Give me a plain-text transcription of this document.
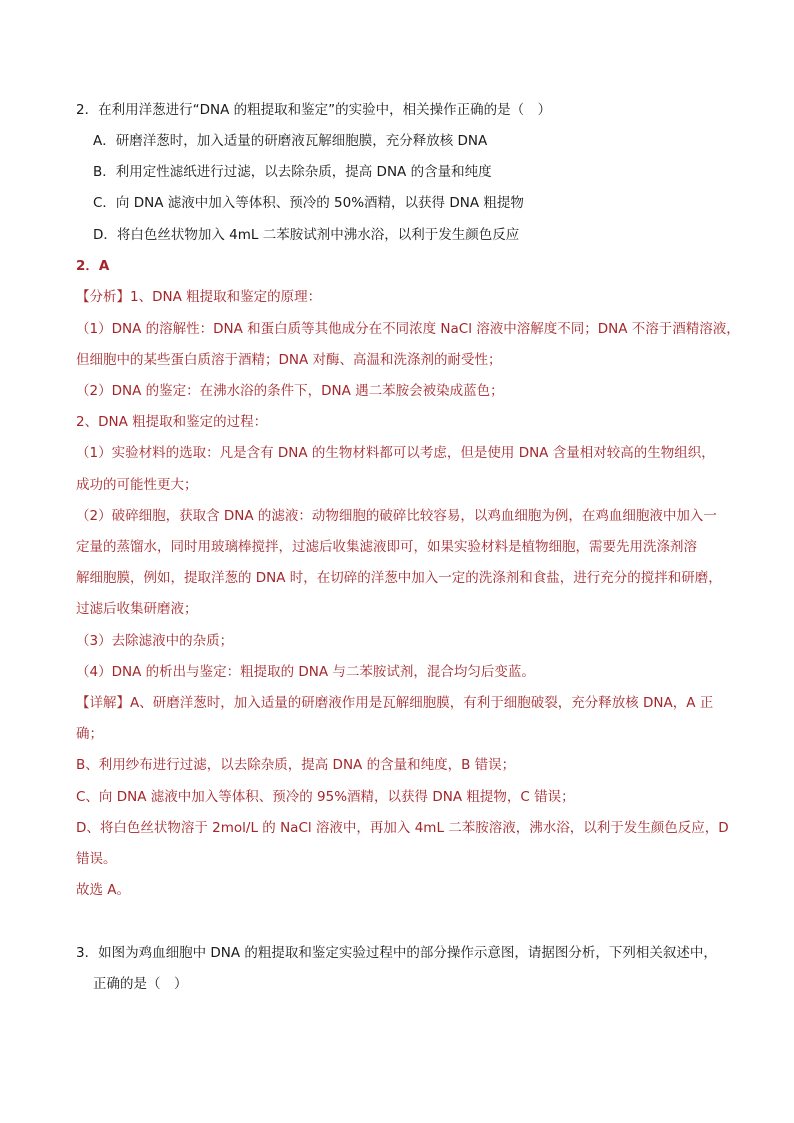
2．在利用洋葱进行“DNA 的粗提取和鉴定”的实验中，相关操作正确的是（　）
A．研磨洋葱时，加入适量的研磨液瓦解细胞膜，充分释放核 DNA
B．利用定性滤纸进行过滤，以去除杂质，提高 DNA 的含量和纯度
C．向 DNA 滤液中加入等体积、预冷的 50%酒精，以获得 DNA 粗提物
D．将白色丝状物加入 4mL 二苯胺试剂中沸水浴，以利于发生颜色反应
2．A
【分析】1、DNA 粗提取和鉴定的原理：
（1）DNA 的溶解性：DNA 和蛋白质等其他成分在不同浓度 NaCl 溶液中溶解度不同；DNA 不溶于酒精溶液，
但细胞中的某些蛋白质溶于酒精；DNA 对酶、高温和洗涤剂的耐受性；
（2）DNA 的鉴定：在沸水浴的条件下，DNA 遇二苯胺会被染成蓝色；
2、DNA 粗提取和鉴定的过程：
（1）实验材料的选取：凡是含有 DNA 的生物材料都可以考虑，但是使用 DNA 含量相对较高的生物组织，
成功的可能性更大；
（2）破碎细胞，获取含 DNA 的滤液：动物细胞的破碎比较容易，以鸡血细胞为例，在鸡血细胞液中加入一
定量的蒸馏水，同时用玻璃棒搅拌，过滤后收集滤液即可，如果实验材料是植物细胞，需要先用洗涤剂溶
解细胞膜，例如，提取洋葱的 DNA 时，在切碎的洋葱中加入一定的洗涤剂和食盐，进行充分的搅拌和研磨，
过滤后收集研磨液；
（3）去除滤液中的杂质；
（4）DNA 的析出与鉴定：粗提取的 DNA 与二苯胺试剂，混合均匀后变蓝。
【详解】A、研磨洋葱时，加入适量的研磨液作用是瓦解细胞膜，有利于细胞破裂，充分释放核 DNA，A 正
确；
B、利用纱布进行过滤，以去除杂质，提高 DNA 的含量和纯度，B 错误；
C、向 DNA 滤液中加入等体积、预冷的 95%酒精，以获得 DNA 粗提物，C 错误；
D、将白色丝状物溶于 2mol/L 的 NaCl 溶液中，再加入 4mL 二苯胺溶液，沸水浴，以利于发生颜色反应，D
错误。
故选 A。
3．如图为鸡血细胞中 DNA 的粗提取和鉴定实验过程中的部分操作示意图，请据图分析，下列相关叙述中，
正确的是（　）
